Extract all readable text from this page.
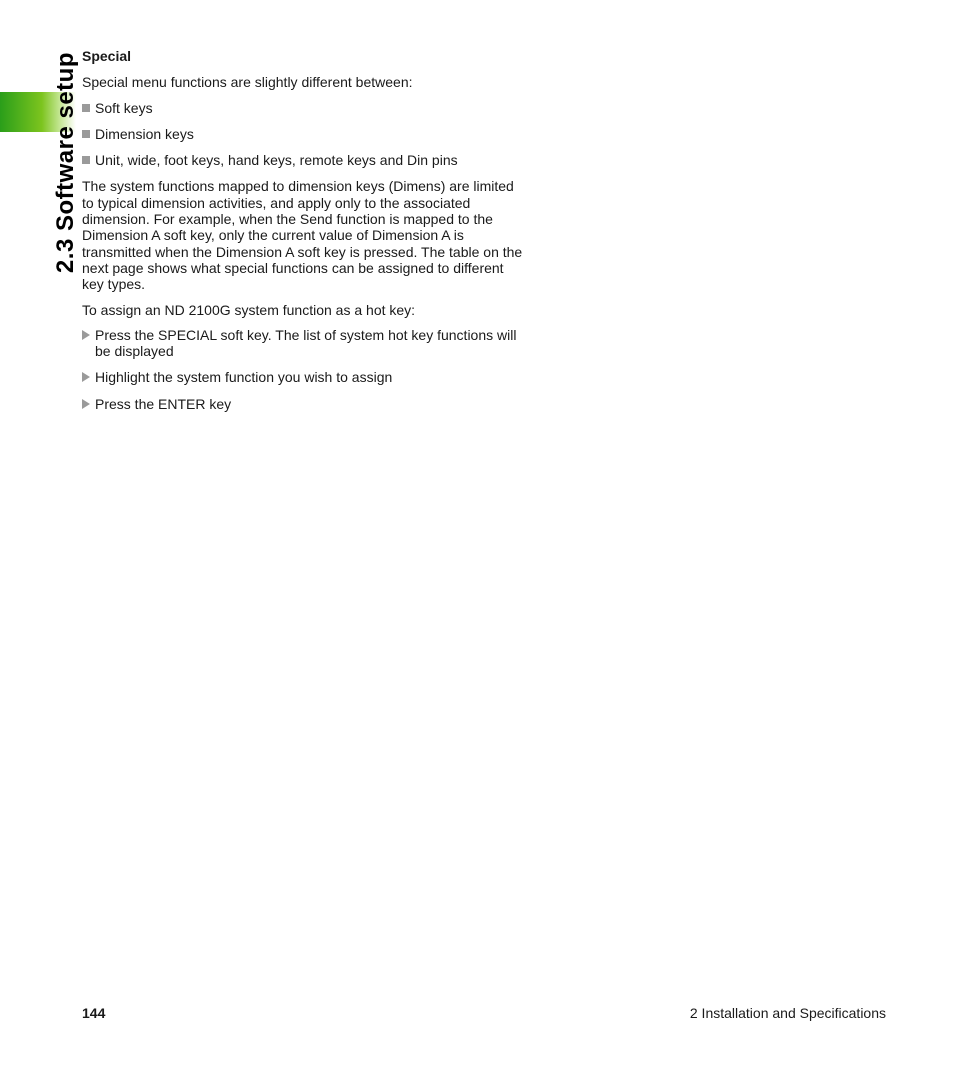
2.3 Software setup Special

Special menu functions are slightly different between:

Soft keys
Dimension keys
Unit, wide, foot keys, hand keys, remote keys and Din pins

The system functions mapped to dimension keys (Dimens) are limited to typical dimension activities, and apply only to the associated dimension. For example, when the Send function is mapped to the Dimension A soft key, only the current value of Dimension A is transmitted when the Dimension A soft key is pressed. The table on the next page shows what special functions can be assigned to different key types.

To assign an ND 2100G system function as a hot key:

Press the SPECIAL soft key. The list of system hot key functions will be displayed
Highlight the system function you wish to assign
Press the ENTER key
144	2 Installation and Specifications
